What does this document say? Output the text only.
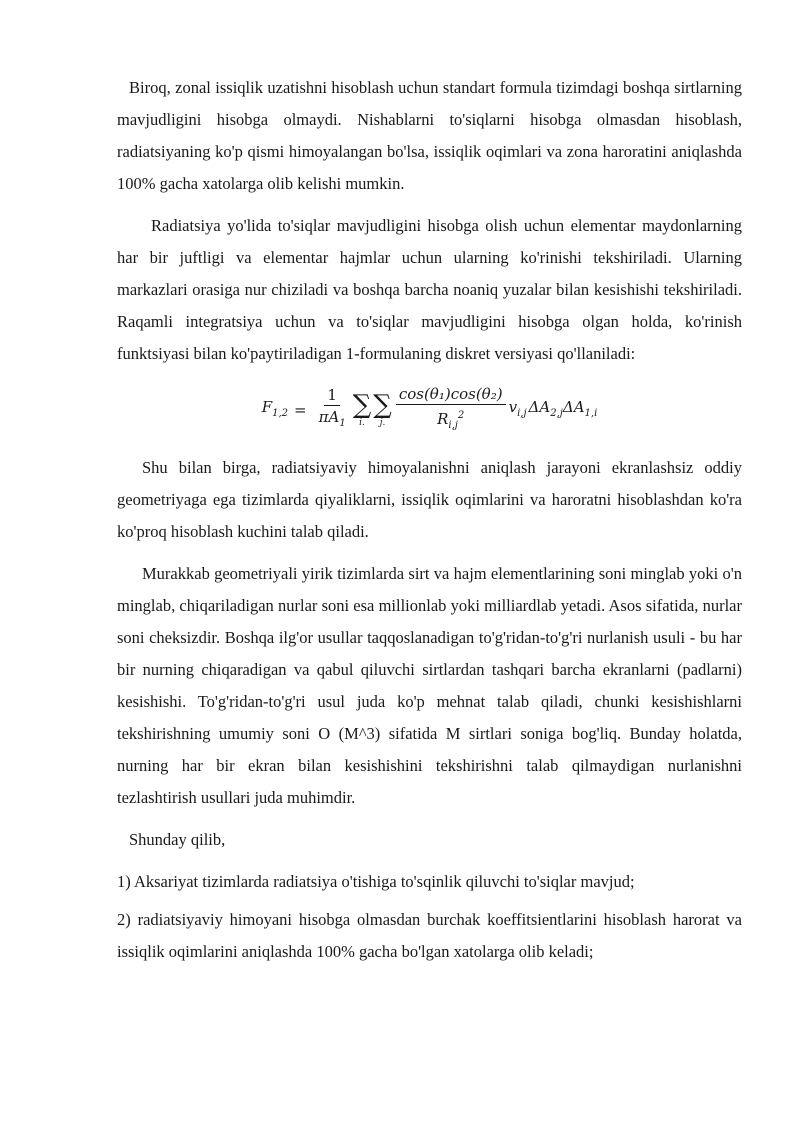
Biroq, zonal issiqlik uzatishni hisoblash uchun standart formula tizimdagi boshqa sirtlarning mavjudligini hisobga olmaydi. Nishablarni to'siqlarni hisobga olmasdan hisoblash, radiatsiyaning ko'p qismi himoyalangan bo'lsa, issiqlik oqimlari va zona haroratini aniqlashda 100% gacha xatolarga olib kelishi mumkin.

Radiatsiya yo'lida to'siqlar mavjudligini hisobga olish uchun elementar maydonlarning har bir juftligi va elementar hajmlar uchun ularning ko'rinishi tekshiriladi. Ularning markazlari orasiga nur chiziladi va boshqa barcha noaniq yuzalar bilan kesishishi tekshiriladi. Raqamli integratsiya uchun va to'siqlar mavjudligini hisobga olgan holda, ko'rinish funktsiyasi bilan ko'paytiriladigan 1-formulaning diskret versiyasi qo'llaniladi:

$F_{1,2} = \frac{1}{\pi A_1}$ ∑
i.
∑
j. $\frac{\text{cos(θ₁)cos(θ₂)}}{R_{i,j}^2} v_{i,j}$ $\Delta A_{2,j}$ $\Delta A_{1,i}$

Shu bilan birga, radiatsiyaviy himoyalanishni aniqlash jarayoni ekranlashsiz oddiy geometriyaga ega tizimlarda qiyaliklarni, issiqlik oqimlarini va haroratni hisoblashdan ko'ra ko'proq hisoblash kuchini talab qiladi.

Murakkab geometriyali yirik tizimlarda sirt va hajm elementlarining soni minglab yoki o'n minglab, chiqariladigan nurlar soni esa millionlab yoki milliardlab yetadi. Asos sifatida, nurlar soni cheksizdir. Boshqa ilg'or usullar taqqoslanadigan to'g'ridan-to'g'ri nurlanish usuli - bu har bir nurning chiqaradigan va qabul qiluvchi sirtlardan tashqari barcha ekranlarni (padlarni) kesishishi. To'g'ridan-to'g'ri usul juda ko'p mehnat talab qiladi, chunki kesishishlarni tekshirishning umumiy soni O (M^3) sifatida M sirtlari soniga bog'liq. Bunday holatda, nurning har bir ekran bilan kesishishini tekshirishni talab qilmaydigan nurlanishni tezlashtirish usullari juda muhimdir.

Shunday qilib,

1) Aksariyat tizimlarda radiatsiya o'tishiga to'sqinlik qiluvchi to'siqlar mavjud;

2) radiatsiyaviy himoyani hisobga olmasdan burchak koeffitsientlarini hisoblash harorat va issiqlik oqimlarini aniqlashda 100% gacha bo'lgan xatolarga olib keladi;
